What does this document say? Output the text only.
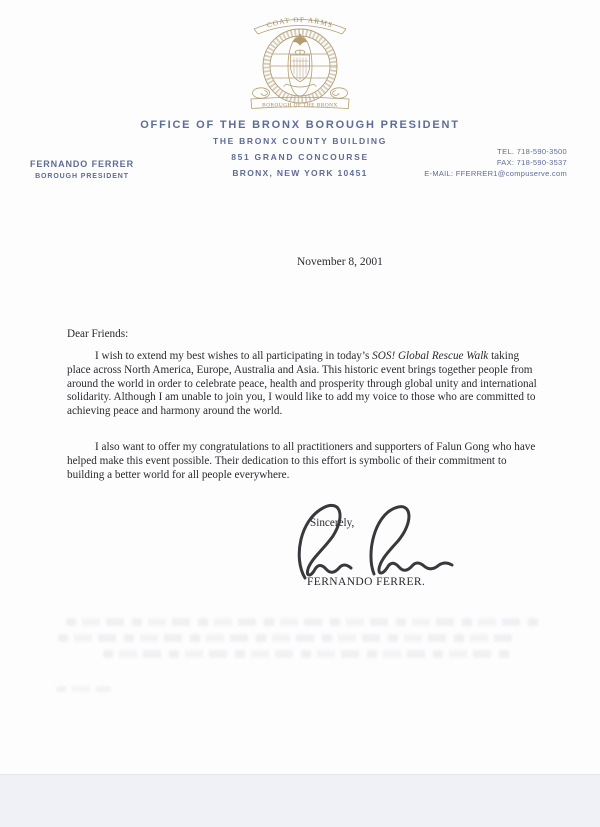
COAT OF ARMS
BOROUGH OF THE BRONX
OFFICE OF THE BRONX BOROUGH PRESIDENT
THE BRONX COUNTY BUILDING
851 GRAND CONCOURSE
BRONX, NEW YORK 10451
FERNANDO FERRER
BOROUGH PRESIDENT
TEL. 718-590-3500
FAX: 718-590-3537
E-MAIL: FFERRER1@compuserve.com
November 8, 2001
Dear Friends:

I wish to extend my best wishes to all participating in today’s SOS! Global Rescue Walk taking place across North America, Europe, Australia and Asia. This historic event brings together people from around the world in order to celebrate peace, health and prosperity through global unity and international solidarity. Although I am unable to join you, I would like to add my voice to those who are committed to achieving peace and harmony around the world.

I also want to offer my congratulations to all practitioners and supporters of Falun Gong who have helped make this event possible. Their dedication to this effort is symbolic of their commitment to building a better world for all people everywhere.

Sincerely,
FERNANDO FERRER.
